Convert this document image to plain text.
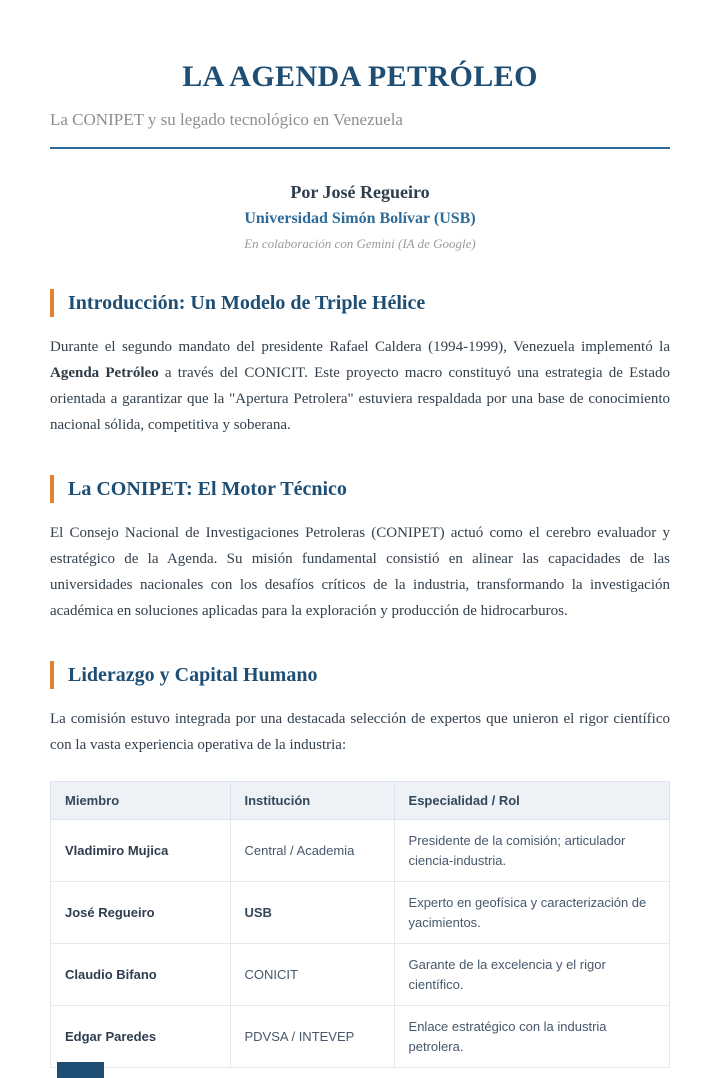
LA AGENDA PETRÓLEO
La CONIPET y su legado tecnológico en Venezuela
Por José Regueiro
Universidad Simón Bolívar (USB)
En colaboración con Gemini (IA de Google)
Introducción: Un Modelo de Triple Hélice

Durante el segundo mandato del presidente Rafael Caldera (1994-1999), Venezuela implementó la Agenda Petróleo a través del CONICIT. Este proyecto macro constituyó una estrategia de Estado orientada a garantizar que la "Apertura Petrolera" estuviera respaldada por una base de conocimiento nacional sólida, competitiva y soberana.

La CONIPET: El Motor Técnico

El Consejo Nacional de Investigaciones Petroleras (CONIPET) actuó como el cerebro evaluador y estratégico de la Agenda. Su misión fundamental consistió en alinear las capacidades de las universidades nacionales con los desafíos críticos de la industria, transformando la investigación académica en soluciones aplicadas para la exploración y producción de hidrocarburos.

Liderazgo y Capital Humano

La comisión estuvo integrada por una destacada selección de expertos que unieron el rigor científico con la vasta experiencia operativa de la industria:

Miembro	Institución	Especialidad / Rol
Vladimiro Mujica	Central / Academia	Presidente de la comisión; articulador ciencia-industria.
José Regueiro	USB	Experto en geofísica y caracterización de yacimientos.
Claudio Bifano	CONICIT	Garante de la excelencia y el rigor científico.
Edgar Paredes	PDVSA / INTEVEP	Enlace estratégico con la industria petrolera.
